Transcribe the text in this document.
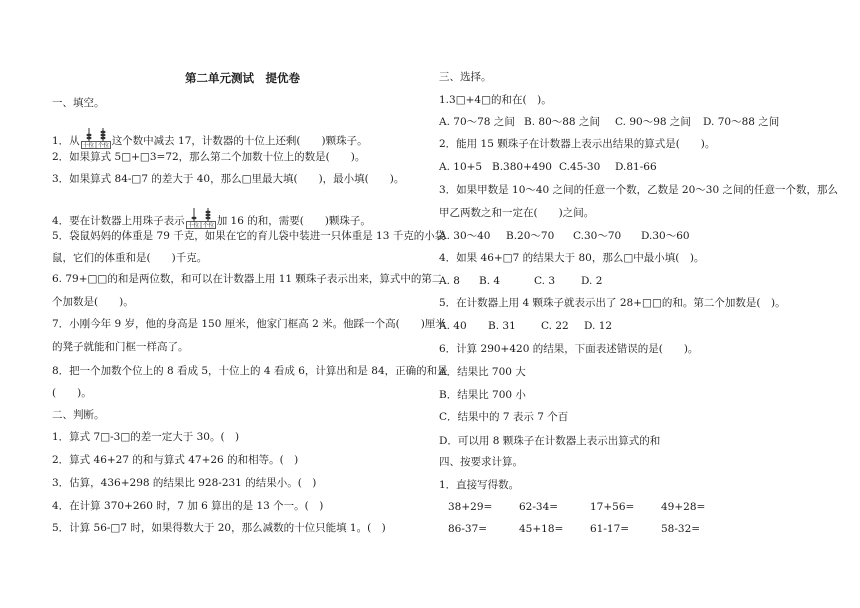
第二单元测试　提优卷
一、填空。
1．从 十位 个位 这个数中减去 17，计数器的十位上还剩(　　)颗珠子。
2．如果算式 5□+□3=72，那么第二个加数十位上的数是(　　)。
3．如果算式 84-□7 的差大于 40，那么□里最大填(　　)，最小填(　　)。
4．要在计数器上用珠子表示 十位 个位 加 16 的和，需要(　　)颗珠子。
5．袋鼠妈妈的体重是 79 千克，如果在它的育儿袋中装进一只体重是 13 千克的小袋
鼠，它们的体重和是(　　)千克。
6. 79+□□的和是两位数，和可以在计数器上用 11 颗珠子表示出来，算式中的第二
个加数是(　　)。
7．小刚今年 9 岁，他的身高是 150 厘米，他家门框高 2 米。他踩一个高(　　)厘米
的凳子就能和门框一样高了。
8．把一个加数个位上的 8 看成 5，十位上的 4 看成 6，计算出和是 84，正确的和是
(　　)。
二、判断。
1．算式 7□-3□的差一定大于 30。(　)
2．算式 46+27 的和与算式 47+26 的和相等。(　)
3．估算，436+298 的结果比 928-231 的结果小。(　)
4．在计算 370+260 时，7 加 6 算出的是 13 个一。(　)
5．计算 56-□7 时，如果得数大于 20，那么减数的十位只能填 1。(　)
三、选择。
1.3□+4□的和在(　)。
A. 70～78 之间 B. 80～88 之间 C. 90～98 之间 D. 70～88 之间
2．能用 15 颗珠子在计数器上表示出结果的算式是(　　)。
A. 10+5 B.380+490 C.45-30 D.81-66
3．如果甲数是 10～40 之间的任意一个数，乙数是 20～30 之间的任意一个数，那么
甲乙两数之和一定在(　　)之间。
A. 30～40 B.20～70 C.30～70 D.30～60
4．如果 46+□7 的结果大于 80，那么□中最小填(　)。
A. 8 B. 4	C. 3 D. 2
5．在计数器上用 4 颗珠子就表示出了 28+□□的和。第二个加数是(　)。
A. 40 B. 31 C. 22 D. 12
6．计算 290+420 的结果，下面表述错误的是(　　)。
A．结果比 700 大
B．结果比 700 小
C．结果中的 7 表示 7 个百
D．可以用 8 颗珠子在计数器上表示出算式的和
四、按要求计算。
1．直接写得数。
38+29=	62-34=	17+56=	49+28=
86-37=	45+18=	61-17=	58-32=
